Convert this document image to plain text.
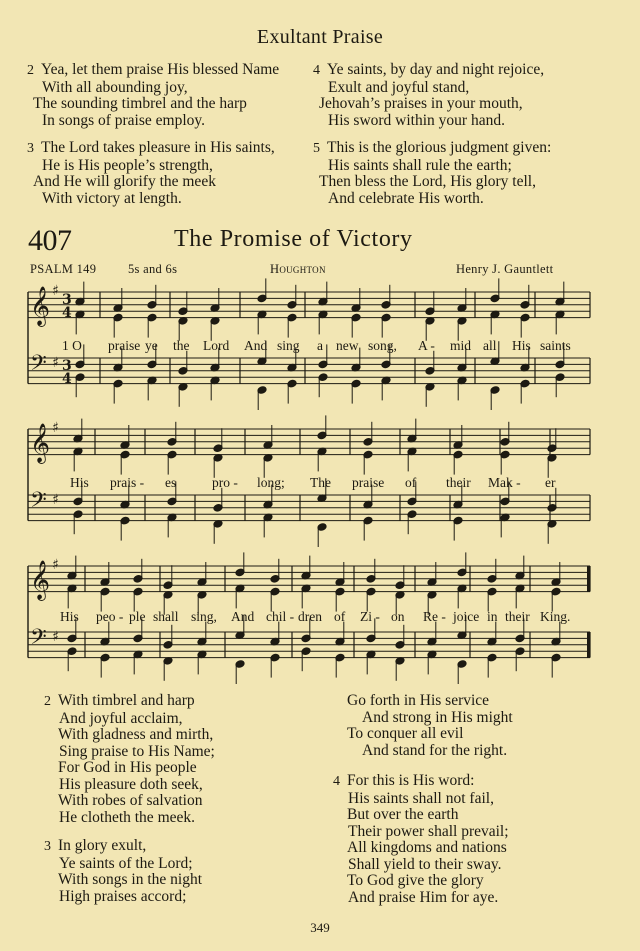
Exultant Praise
2 Yea, let them praise His blessed Name
With all abounding joy,
The sounding timbrel and the harp
In songs of praise employ.
3 The Lord takes pleasure in His saints,
He is His people’s strength,
And He will glorify the meek
With victory at length.
4 Ye saints, by day and night rejoice,
Exult and joyful stand,
Jehovah’s praises in your mouth,
His sword within your hand.
5 This is the glorious judgment given:
His saints shall rule the earth;
Then bless the Lord, His glory tell,
And celebrate His worth.
407	The Promise of Victory
PSALM 149	5s and 6s	Houghton	Henry J. Gauntlett
𝄞 ♯
3
4
𝄢 ♯ 3
4
1 O praise ye the Lord And sing a new song, A - mid all His saints
𝄞 ♯
𝄢 ♯
His prais - es	pro - long; The praise of their Mak - er
𝄞 ♯
𝄢 ♯
His peo - ple shall sing, And chil - dren of Zi - on Re - joice in their King.
2 With timbrel and harp
And joyful acclaim,
With gladness and mirth,
Sing praise to His Name;
For God in His people
His pleasure doth seek,
With robes of salvation
He clotheth the meek.
3 In glory exult,
Ye saints of the Lord;
With songs in the night
High praises accord;
Go forth in His service
And strong in His might
To conquer all evil
And stand for the right.
4 For this is His word:
His saints shall not fail,
But over the earth
Their power shall prevail;
All kingdoms and nations
Shall yield to their sway.
To God give the glory
And praise Him for aye.
349
